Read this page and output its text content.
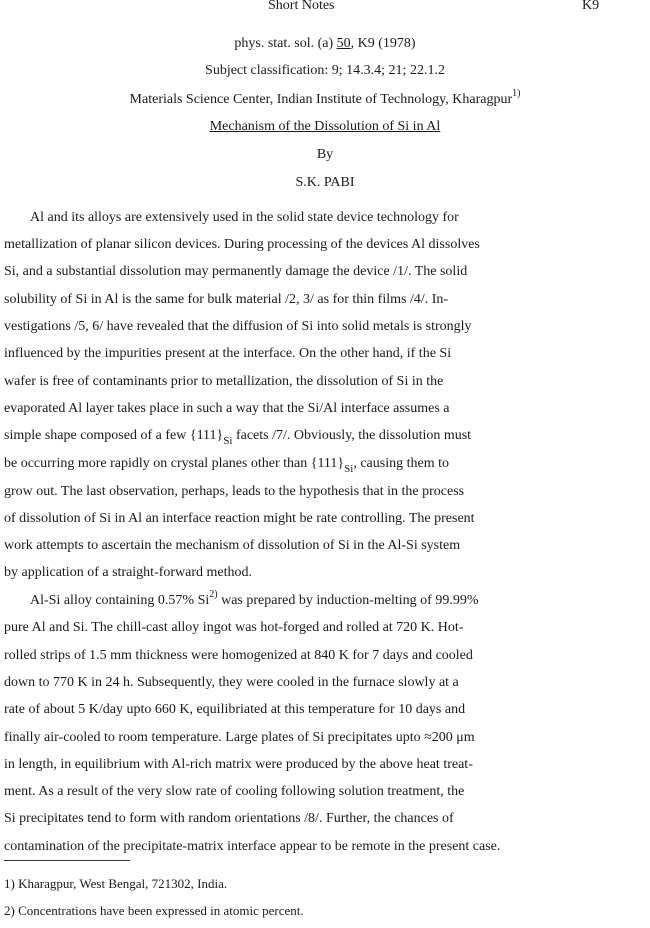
Short Notes	K9
phys. stat. sol. (a) 50, K9 (1978)
Subject classification: 9; 14.3.4; 21; 22.1.2
Materials Science Center, Indian Institute of Technology, Kharagpur$^{1)}$
Mechanism of the Dissolution of Si in Al
By
S.K. PABI
Al and its alloys are extensively used in the solid state device technology for
metallization of planar silicon devices. During processing of the devices Al dissolves
Si, and a substantial dissolution may permanently damage the device /1/. The solid
solubility of Si in Al is the same for bulk material /2, 3/ as for thin films /4/. In-
vestigations /5, 6/ have revealed that the diffusion of Si into solid metals is strongly
influenced by the impurities present at the interface. On the other hand, if the Si
wafer is free of contaminants prior to metallization, the dissolution of Si in the
evaporated Al layer takes place in such a way that the Si/Al interface assumes a
simple shape composed of a few $\{111\}_{Si}$ facets /7/. Obviously, the dissolution must
be occurring more rapidly on crystal planes other than $\{111\}_{Si}$, causing them to
grow out. The last observation, perhaps, leads to the hypothesis that in the process
of dissolution of Si in Al an interface reaction might be rate controlling. The present
work attempts to ascertain the mechanism of dissolution of Si in the Al-Si system
by application of a straight-forward method.
Al-Si alloy containing 0.57% Si$^{2)}$ was prepared by induction-melting of 99.99%
pure Al and Si. The chill-cast alloy ingot was hot-forged and rolled at 720 K. Hot-
rolled strips of 1.5 mm thickness were homogenized at 840 K for 7 days and cooled
down to 770 K in 24 h. Subsequently, they were cooled in the furnace slowly at a
rate of about 5 K/day upto 660 K, equilibriated at this temperature for 10 days and
finally air-cooled to room temperature. Large plates of Si precipitates upto ≈200 μm
in length, in equilibrium with Al-rich matrix were produced by the above heat treat-
ment. As a result of the very slow rate of cooling following solution treatment, the
Si precipitates tend to form with random orientations /8/. Further, the chances of
contamination of the precipitate-matrix interface appear to be remote in the present case.
1) Kharagpur, West Bengal, 721302, India.
2) Concentrations have been expressed in atomic percent.
